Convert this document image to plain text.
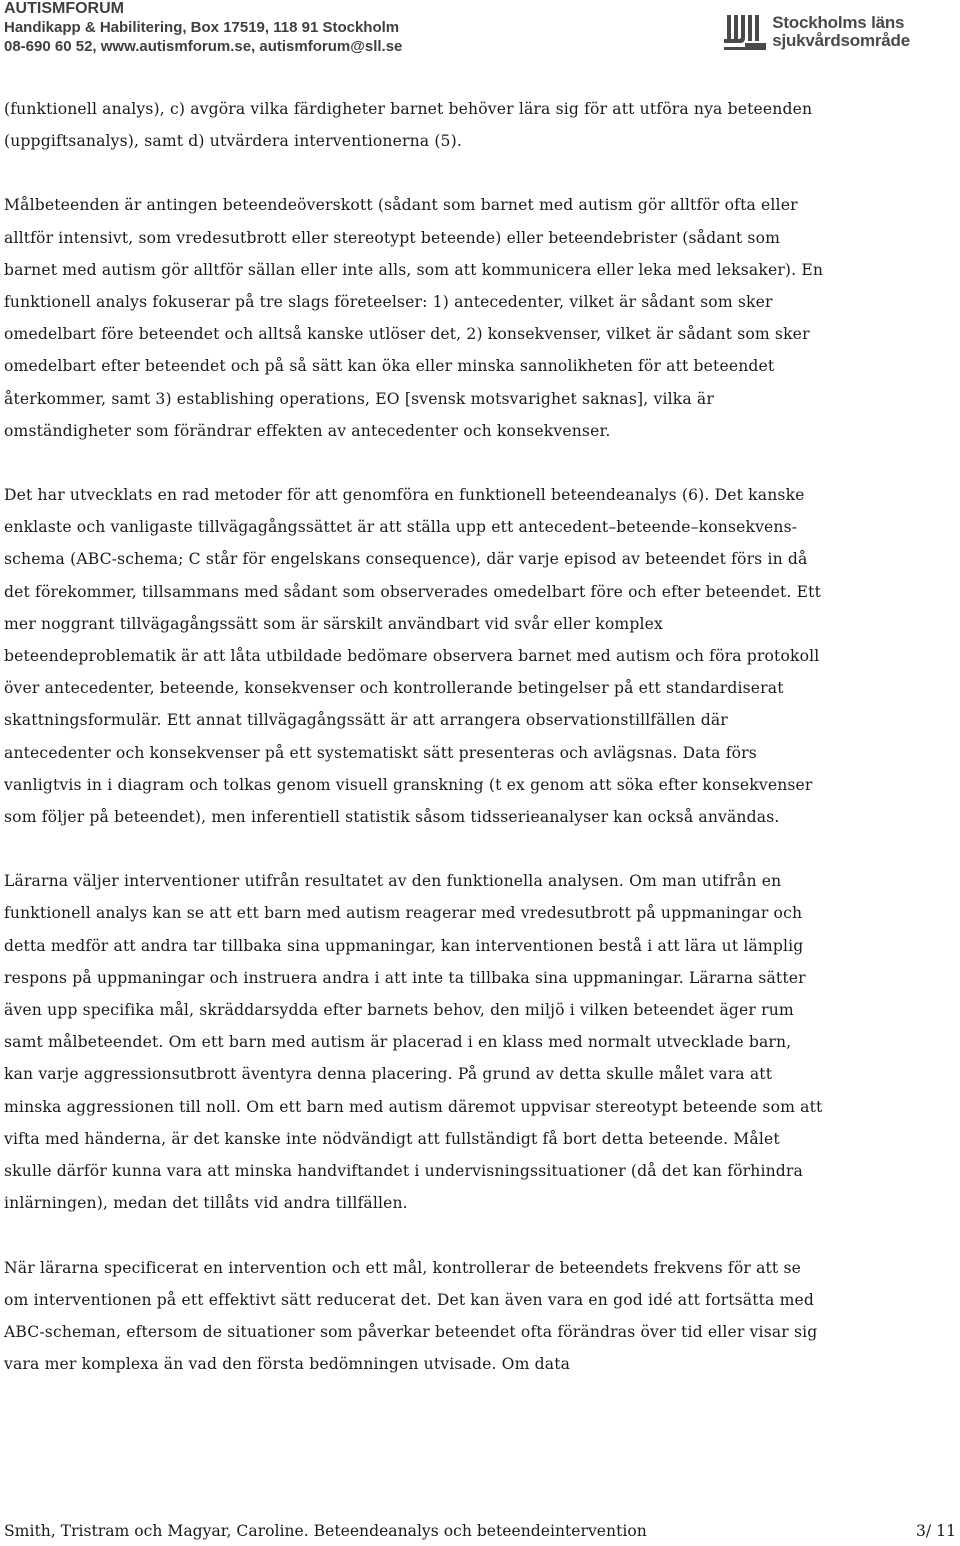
AUTISMFORUM
Handikapp & Habilitering, Box 17519, 118 91 Stockholm
08-690 60 52, www.autismforum.se, autismforum@sll.se
Stockholms läns
sjukvårdsområde

(funktionell analys), c) avgöra vilka färdigheter barnet behöver lära sig för att utföra nya beteenden (uppgiftsanalys), samt d) utvärdera interventionerna (5).

Målbeteenden är antingen beteendeöverskott (sådant som barnet med autism gör alltför ofta eller alltför intensivt, som vredesutbrott eller stereotypt beteende) eller beteendebrister (sådant som barnet med autism gör alltför sällan eller inte alls, som att kommunicera eller leka med leksaker). En funktionell analys fokuserar på tre slags företeelser: 1) antecedenter, vilket är sådant som sker omedelbart före beteendet och alltså kanske utlöser det, 2) konsekvenser, vilket är sådant som sker omedelbart efter beteendet och på så sätt kan öka eller minska sannolikheten för att beteendet återkommer, samt 3) establishing operations, EO [svensk motsvarighet saknas], vilka är omständigheter som förändrar effekten av antecedenter och konsekvenser.

Det har utvecklats en rad metoder för att genomföra en funktionell beteendeanalys (6). Det kanske enklaste och vanligaste tillvägagångssättet är att ställa upp ett antecedent–beteende–konsekvens-schema (ABC-schema; C står för engelskans consequence), där varje episod av beteendet förs in då det förekommer, tillsammans med sådant som observerades omedelbart före och efter beteendet. Ett mer noggrant tillvägagångssätt som är särskilt användbart vid svår eller komplex beteendeproblematik är att låta utbildade bedömare observera barnet med autism och föra protokoll över antecedenter, beteende, konsekvenser och kontrollerande betingelser på ett standardiserat skattningsformulär. Ett annat tillvägagångssätt är att arrangera observationstillfällen där antecedenter och konsekvenser på ett systematiskt sätt presenteras och avlägsnas. Data förs vanligtvis in i diagram och tolkas genom visuell granskning (t ex genom att söka efter konsekvenser som följer på beteendet), men inferentiell statistik såsom tidsserieanalyser kan också användas.

Lärarna väljer interventioner utifrån resultatet av den funktionella analysen. Om man utifrån en funktionell analys kan se att ett barn med autism reagerar med vredesutbrott på uppmaningar och detta medför att andra tar tillbaka sina uppmaningar, kan interventionen bestå i att lära ut lämplig respons på uppmaningar och instruera andra i att inte ta tillbaka sina uppmaningar. Lärarna sätter även upp specifika mål, skräddarsydda efter barnets behov, den miljö i vilken beteendet äger rum samt målbeteendet. Om ett barn med autism är placerad i en klass med normalt utvecklade barn, kan varje aggressionsutbrott äventyra denna placering. På grund av detta skulle målet vara att minska aggressionen till noll. Om ett barn med autism däremot uppvisar stereotypt beteende som att vifta med händerna, är det kanske inte nödvändigt att fullständigt få bort detta beteende. Målet skulle därför kunna vara att minska handviftandet i undervisningssituationer (då det kan förhindra inlärningen), medan det tillåts vid andra tillfällen.

När lärarna specificerat en intervention och ett mål, kontrollerar de beteendets frekvens för att se om interventionen på ett effektivt sätt reducerat det. Det kan även vara en god idé att fortsätta med ABC-scheman, eftersom de situationer som påverkar beteendet ofta förändras över tid eller visar sig vara mer komplexa än vad den första bedömningen utvisade. Om data

Smith, Tristram och Magyar, Caroline. Beteendeanalys och beteendeintervention	3/ 11
